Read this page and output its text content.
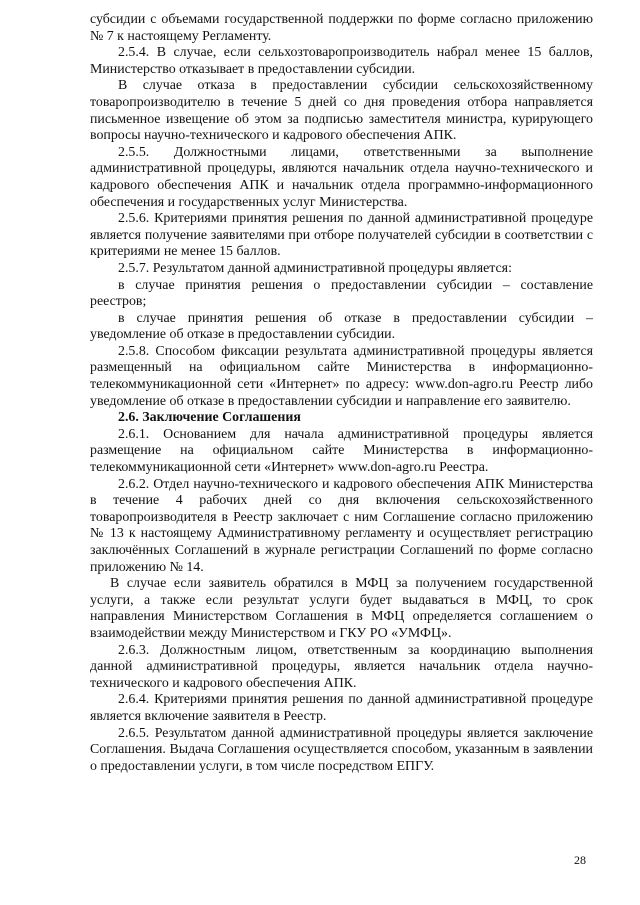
субсидии с объемами государственной поддержки по форме согласно приложению № 7 к настоящему Регламенту.

2.5.4. В случае, если сельхозтоваропроизводитель набрал менее 15 баллов, Министерство отказывает в предоставлении субсидии.

В случае отказа в предоставлении субсидии сельскохозяйственному товаропроизводителю в течение 5 дней со дня проведения отбора направляется письменное извещение об этом за подписью заместителя министра, курирующего вопросы научно-технического и кадрового обеспечения АПК.

2.5.5. Должностными лицами, ответственными за выполнение административной процедуры, являются начальник отдела научно-технического и кадрового обеспечения АПК и начальник отдела программно-информационного обеспечения и государственных услуг Министерства.

2.5.6. Критериями принятия решения по данной административной процедуре является получение заявителями при отборе получателей субсидии в соответствии с критериями не менее 15 баллов.

2.5.7. Результатом данной административной процедуры является:

в случае принятия решения о предоставлении субсидии – составление реестров;

в случае принятия решения об отказе в предоставлении субсидии – уведомление об отказе в предоставлении субсидии.

2.5.8. Способом фиксации результата административной процедуры является размещенный на официальном сайте Министерства в информационно-телекоммуникационной сети «Интернет» по адресу: www.don-agro.ru Реестр либо уведомление об отказе в предоставлении субсидии и направление его заявителю.

2.6. Заключение Соглашения

2.6.1. Основанием для начала административной процедуры является размещение на официальном сайте Министерства в информационно-телекоммуникационной сети «Интернет» www.don-agro.ru Реестра.

2.6.2. Отдел научно-технического и кадрового обеспечения АПК Министерства в течение 4 рабочих дней со дня включения сельскохозяйственного товаропроизводителя в Реестр заключает с ним Соглашение согласно приложению № 13 к настоящему Административному регламенту и осуществляет регистрацию заключённых Соглашений в журнале регистрации Соглашений по форме согласно приложению № 14.

В случае если заявитель обратился в МФЦ за получением государственной услуги, а также если результат услуги будет выдаваться в МФЦ, то срок направления Министерством Соглашения в МФЦ определяется соглашением о взаимодействии между Министерством и ГКУ РО «УМФЦ».

2.6.3. Должностным лицом, ответственным за координацию выполнения данной административной процедуры, является начальник отдела научно-технического и кадрового обеспечения АПК.

2.6.4. Критериями принятия решения по данной административной процедуре является включение заявителя в Реестр.

2.6.5. Результатом данной административной процедуры является заключение Соглашения. Выдача Соглашения осуществляется способом, указанным в заявлении о предоставлении услуги, в том числе посредством ЕПГУ.

28
